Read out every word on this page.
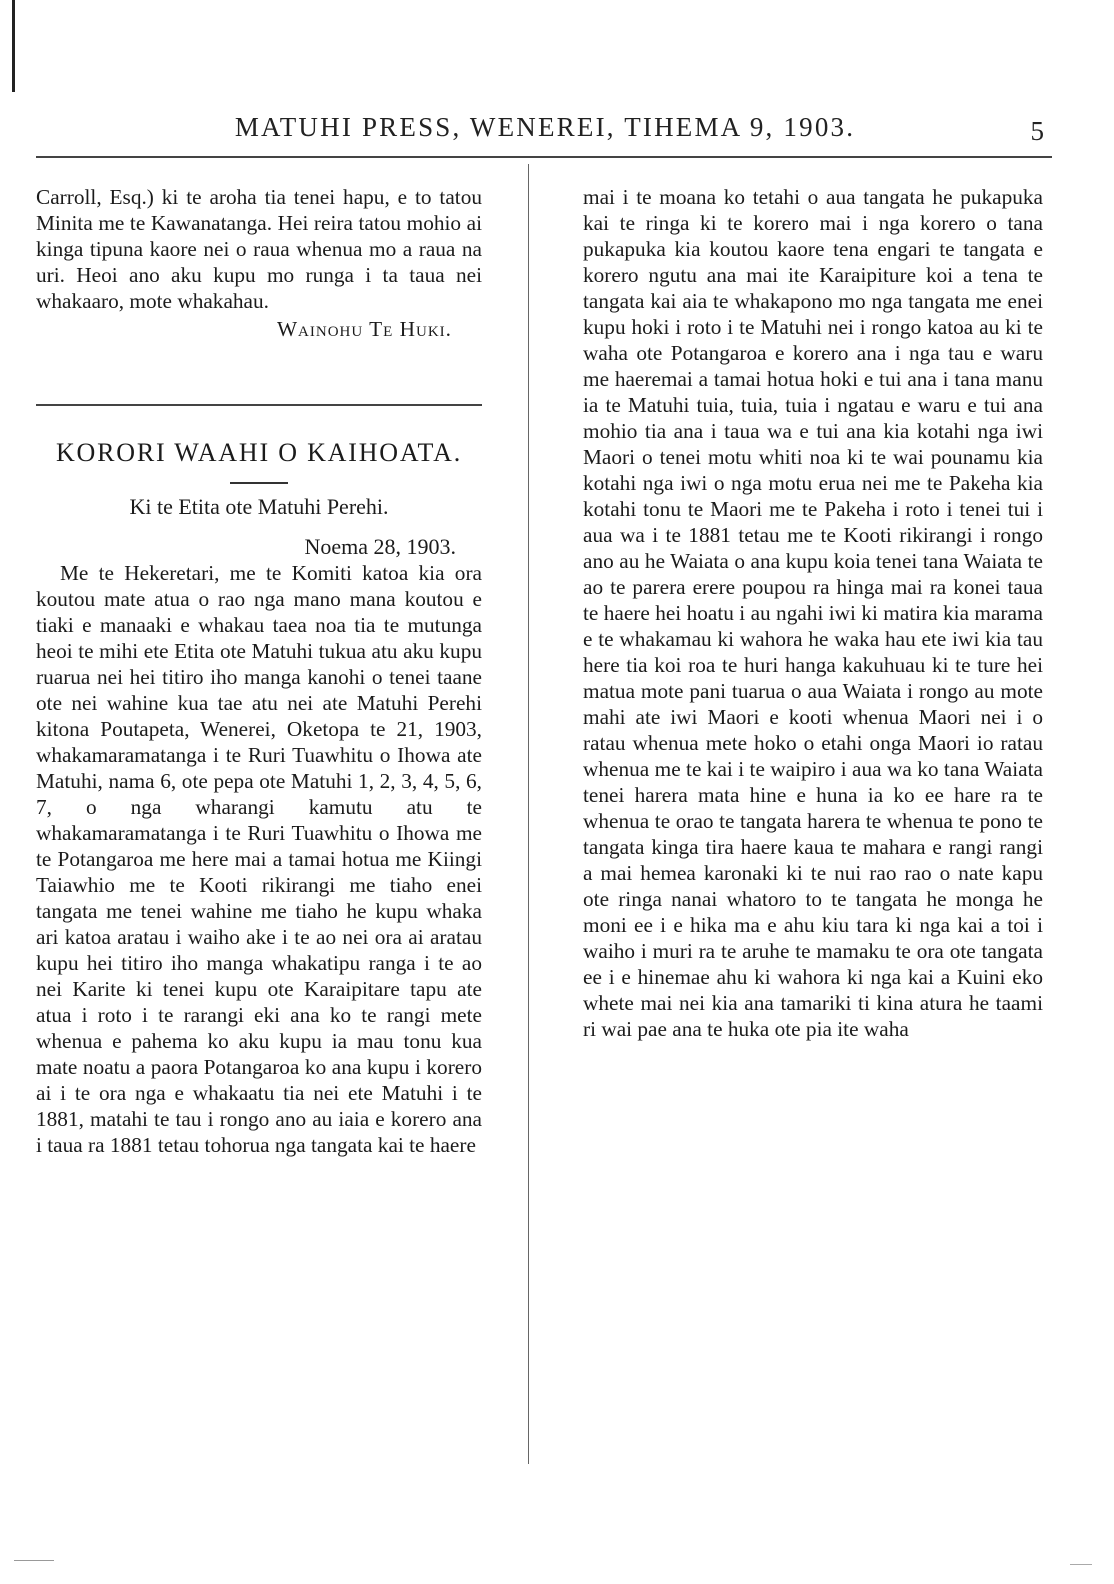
MATUHI PRESS, WENEREI, TIHEMA 9, 1903.	5

Carroll, Esq.) ki te aroha tia tenei hapu, e to tatou Minita me te Kawanatanga. Hei reira tatou mohio ai kinga tipuna kaore nei o raua whenua mo a raua na uri. Heoi ano aku kupu mo runga i ta taua nei whakaaro, mote whakahau.

Wainohu Te Huki.

KORORI WAAHI O KAIHOATA.

Ki te Etita ote Matuhi Perehi.

Noema 28, 1903.

Me te Hekeretari, me te Komiti katoa kia ora koutou mate atua o rao nga mano mana koutou e tiaki e manaaki e whakau taea noa tia te mutunga heoi te mihi ete Etita ote Matuhi tukua atu aku kupu ruarua nei hei titiro iho manga kanohi o tenei taane ote nei wahine kua tae atu nei ate Matuhi Perehi kitona Poutapeta, Wenerei, Oketopa te 21, 1903, whakamaramatanga i te Ruri Tuawhitu o Ihowa ate Matuhi, nama 6, ote pepa ote Matuhi 1, 2, 3, 4, 5, 6, 7, o nga wharangi kamutu atu te whakamaramatanga i te Ruri Tuawhitu o Ihowa me te Potangaroa me here mai a tamai hotua me Kiingi Taiawhio me te Kooti rikirangi me tiaho enei tangata me tenei wahine me tiaho he kupu whaka ari katoa aratau i waiho ake i te ao nei ora ai aratau kupu hei titiro iho manga whakatipu ranga i te ao nei Karite ki tenei kupu ote Karaipitare tapu ate atua i roto i te rarangi eki ana ko te rangi mete whenua e pahema ko aku kupu ia mau tonu kua mate noatu a paora Potangaroa ko ana kupu i korero ai i te ora nga e whakaatu tia nei ete Matuhi i te 1881, matahi te tau i rongo ano au iaia e korero ana i taua ra 1881 tetau tohorua nga tangata kai te haere

mai i te moana ko tetahi o aua tangata he pukapuka kai te ringa ki te korero mai i nga korero o tana pukapuka kia koutou kaore tena engari te tangata e korero ngutu ana mai ite Karaipiture koi a tena te tangata kai aia te whakapono mo nga tangata me enei kupu hoki i roto i te Matuhi nei i rongo katoa au ki te waha ote Potangaroa e korero ana i nga tau e waru me haeremai a tamai hotua hoki e tui ana i tana manu ia te Matuhi tuia, tuia, tuia i ngatau e waru e tui ana mohio tia ana i taua wa e tui ana kia kotahi nga iwi Maori o tenei motu whiti noa ki te wai pounamu kia kotahi nga iwi o nga motu erua nei me te Pakeha kia kotahi tonu te Maori me te Pakeha i roto i tenei tui i aua wa i te 1881 tetau me te Kooti rikirangi i rongo ano au he Waiata o ana kupu koia tenei tana Waiata te ao te parera erere poupou ra hinga mai ra konei taua te haere hei hoatu i au ngahi iwi ki matira kia marama e te whakamau ki wahora he waka hau ete iwi kia tau here tia koi roa te huri hanga kakuhuau ki te ture hei matua mote pani tuarua o aua Waiata i rongo au mote mahi ate iwi Maori e kooti whenua Maori nei i o ratau whenua mete hoko o etahi onga Maori io ratau whenua me te kai i te waipiro i aua wa ko tana Waiata tenei harera mata hine e huna ia ko ee hare ra te whenua te orao te tangata harera te whenua te pono te tangata kinga tira haere kaua te mahara e rangi rangi a mai hemea karonaki ki te nui rao rao o nate kapu ote ringa nanai whatoro to te tangata he monga he moni ee i e hika ma e ahu kiu tara ki nga kai a toi i waiho i muri ra te aruhe te mamaku te ora ote tangata ee i e hinemae ahu ki wahora ki nga kai a Kuini eko whete mai nei kia ana tamariki ti kina atura he taami ri wai pae ana te huka ote pia ite waha
